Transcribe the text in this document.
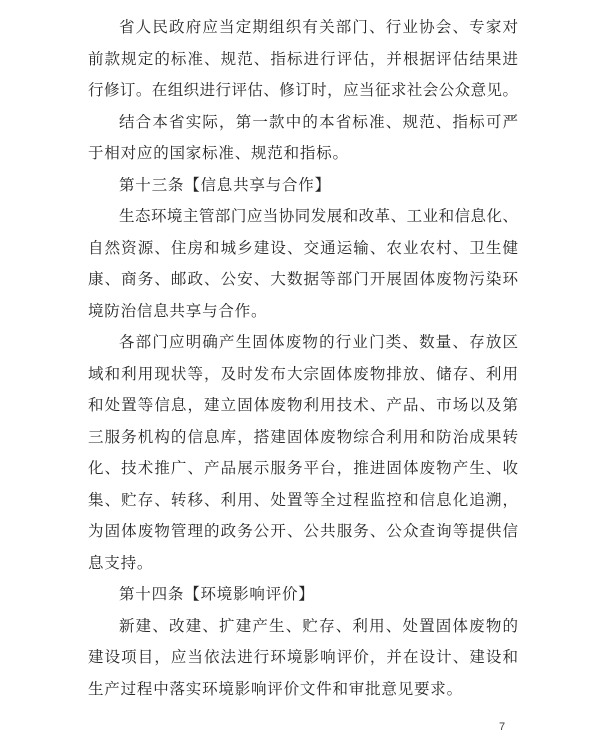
省人民政府应当定期组织有关部门、行业协会、专家对
前款规定的标准、规范、指标进行评估，并根据评估结果进
行修订。在组织进行评估、修订时，应当征求社会公众意见。
结合本省实际，第一款中的本省标准、规范、指标可严
于相对应的国家标准、规范和指标。
第十三条【信息共享与合作】
生态环境主管部门应当协同发展和改革、工业和信息化、
自然资源、住房和城乡建设、交通运输、农业农村、卫生健
康、商务、邮政、公安、大数据等部门开展固体废物污染环
境防治信息共享与合作。
各部门应明确产生固体废物的行业门类、数量、存放区
域和利用现状等，及时发布大宗固体废物排放、储存、利用
和处置等信息，建立固体废物利用技术、产品、市场以及第
三服务机构的信息库，搭建固体废物综合利用和防治成果转
化、技术推广、产品展示服务平台，推进固体废物产生、收
集、贮存、转移、利用、处置等全过程监控和信息化追溯，
为固体废物管理的政务公开、公共服务、公众查询等提供信
息支持。
第十四条【环境影响评价】
新建、改建、扩建产生、贮存、利用、处置固体废物的
建设项目，应当依法进行环境影响评价，并在设计、建设和
生产过程中落实环境影响评价文件和审批意见要求。
7
